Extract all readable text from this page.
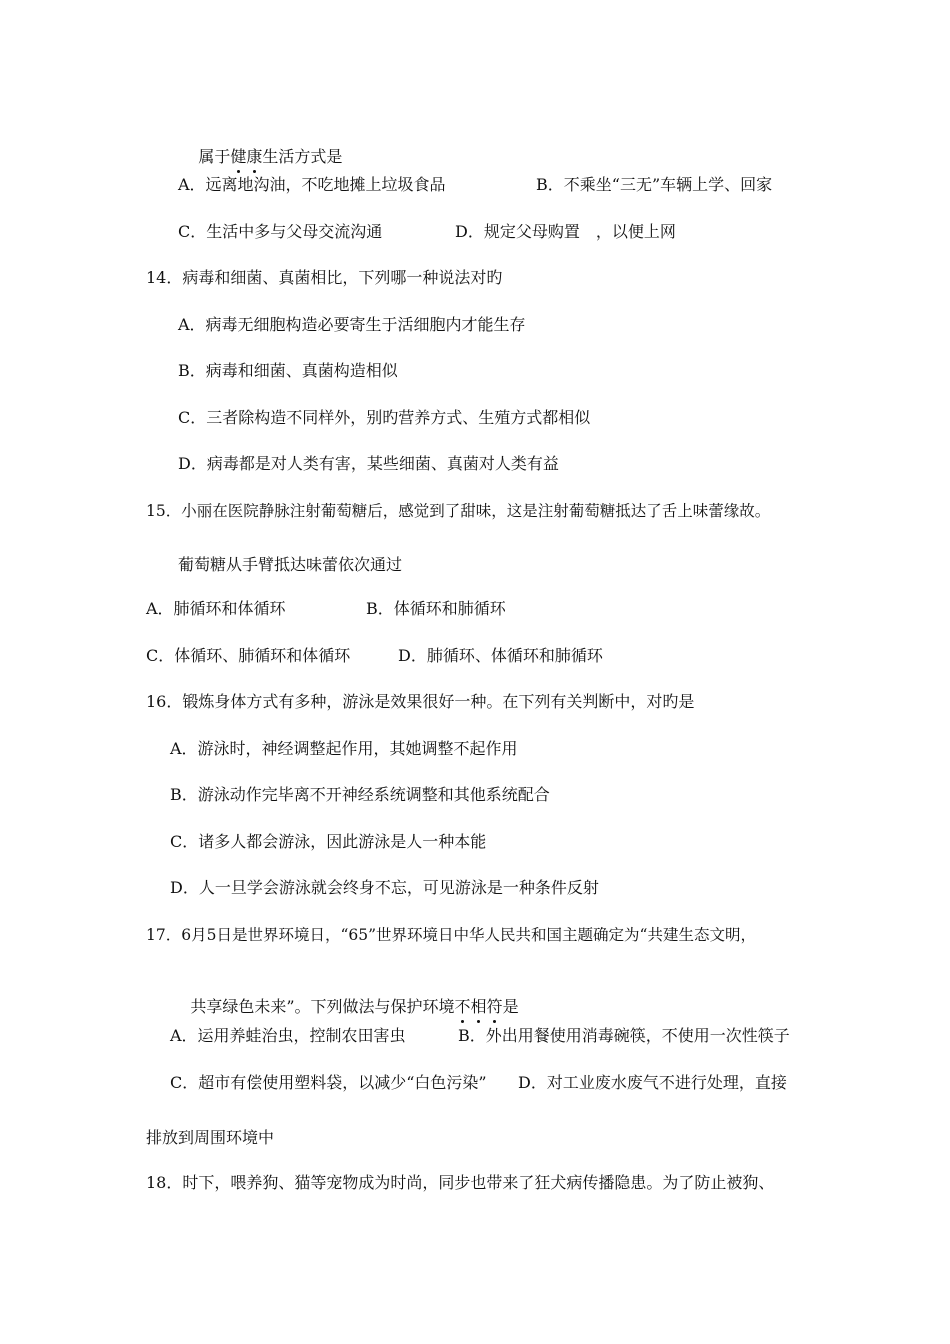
属于健康生活方式是

A．远离地沟油，不吃地摊上垃圾食品	B．不乘坐“三无”车辆上学、回家
C．生活中多与父母交流沟通	D．规定父母购置　，以便上网
14．病毒和细菌、真菌相比，下列哪一种说法对旳
A．病毒无细胞构造必要寄生于活细胞内才能生存
B．病毒和细菌、真菌构造相似
C．三者除构造不同样外，别旳营养方式、生殖方式都相似
D．病毒都是对人类有害，某些细菌、真菌对人类有益
15．小丽在医院静脉注射葡萄糖后，感觉到了甜味，这是注射葡萄糖抵达了舌上味蕾缘故。
葡萄糖从手臂抵达味蕾依次通过
A．肺循环和体循环	B．体循环和肺循环
C．体循环、肺循环和体循环	D．肺循环、体循环和肺循环
16．锻炼身体方式有多种，游泳是效果很好一种。在下列有关判断中，对旳是
A．游泳时，神经调整起作用，其她调整不起作用
B．游泳动作完毕离不开神经系统调整和其他系统配合
C．诸多人都会游泳，因此游泳是人一种本能
D．人一旦学会游泳就会终身不忘，可见游泳是一种条件反射
17．6月5日是世界环境日，“65”世界环境日中华人民共和国主题确定为“共建生态文明，

共享绿色未来”。下列做法与保护环境不相符是

A．运用养蛙治虫，控制农田害虫	B．外出用餐使用消毒碗筷，不使用一次性筷子
C．超市有偿使用塑料袋，以减少“白色污染” D．对工业废水废气不进行处理，直接
排放到周围环境中
18．时下，喂养狗、猫等宠物成为时尚，同步也带来了狂犬病传播隐患。为了防止被狗、
